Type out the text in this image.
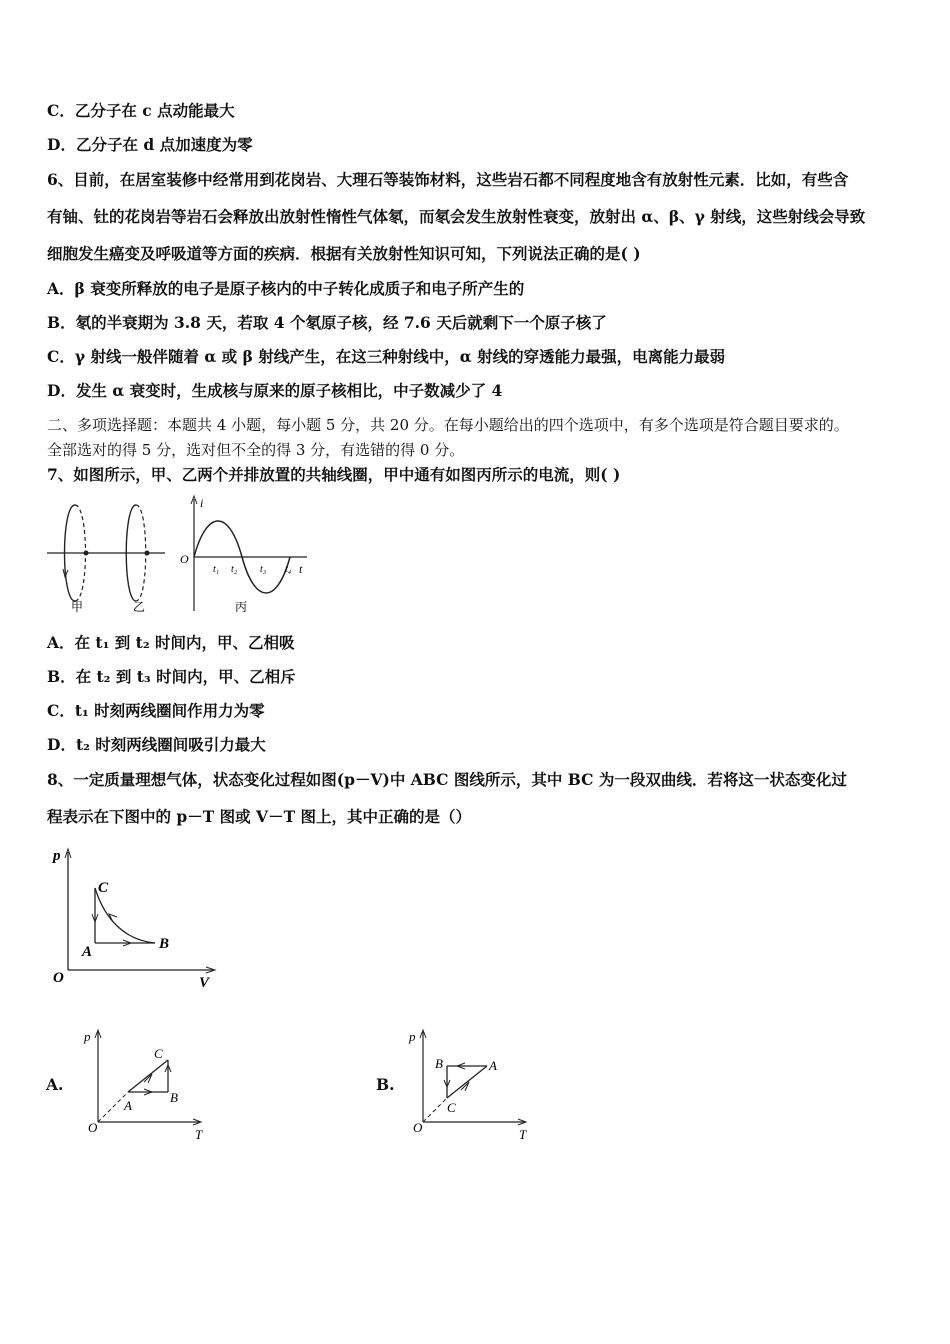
C．乙分子在 c 点动能最大
D．乙分子在 d 点加速度为零
6、目前，在居室装修中经常用到花岗岩、大理石等装饰材料，这些岩石都不同程度地含有放射性元素．比如，有些含
有铀、钍的花岗岩等岩石会释放出放射性惰性气体氡，而氡会发生放射性衰变，放射出 α、β、γ 射线，这些射线会导致
细胞发生癌变及呼吸道等方面的疾病．根据有关放射性知识可知，下列说法正确的是( )
A．β 衰变所释放的电子是原子核内的中子转化成质子和电子所产生的
B．氡的半衰期为 3.8 天，若取 4 个氡原子核，经 7.6 天后就剩下一个原子核了
C．γ 射线一般伴随着 α 或 β 射线产生，在这三种射线中，α 射线的穿透能力最强，电离能力最弱
D．发生 α 衰变时，生成核与原来的原子核相比，中子数减少了 4
二、多项选择题：本题共 4 小题，每小题 5 分，共 20 分。在每小题给出的四个选项中，有多个选项是符合题目要求的。
全部选对的得 5 分，选对但不全的得 3 分，有选错的得 0 分。
7、如图所示，甲、乙两个并排放置的共轴线圈，甲中通有如图丙所示的电流，则( )
甲	乙
i
t
O
t₁ t₂ t₃ t₄
丙
A．在 t₁ 到 t₂ 时间内，甲、乙相吸
B．在 t₂ 到 t₃ 时间内，甲、乙相斥
C．t₁ 时刻两线圈间作用力为零
D．t₂ 时刻两线圈间吸引力最大
8、一定质量理想气体，状态变化过程如图(p－V)中 ABC 图线所示，其中 BC 为一段双曲线．若将这一状态变化过
程表示在下图中的 p－T 图或 V－T 图上，其中正确的是（）
p
V
O
C
A	B
A.
p
T
O
C
A
B
B.
p
T
O
B	A
C
